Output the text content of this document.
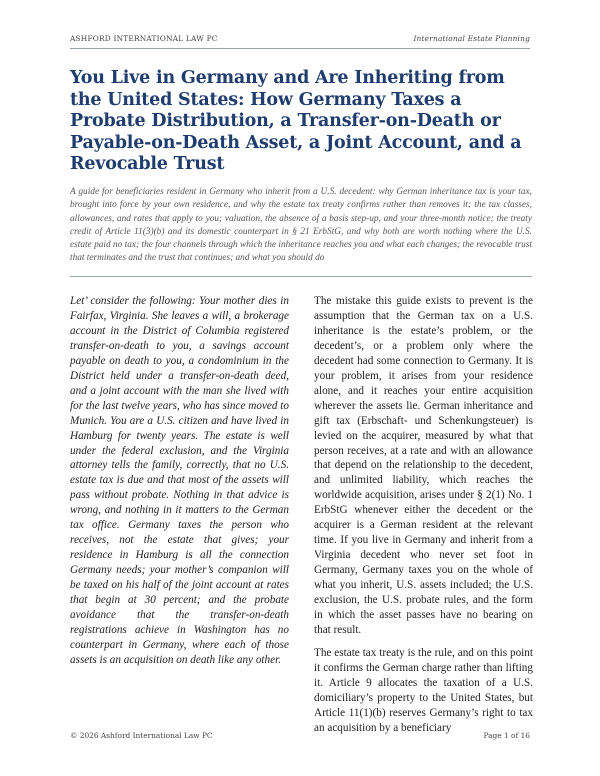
ASHFORD INTERNATIONAL LAW PC	International Estate Planning
You Live in Germany and Are Inheriting from the United States: How Germany Taxes a Probate Distribution, a Transfer-on-Death or Payable-on-Death Asset, a Joint Account, and a Revocable Trust

A guide for beneficiaries resident in Germany who inherit from a U.S. decedent: why German inheritance tax is your tax, brought into force by your own residence, and why the estate tax treaty confirms rather than removes it; the tax classes, allowances, and rates that apply to you; valuation, the absence of a basis step-up, and your three-month notice; the treaty credit of Article 11(3)(b) and its domestic counterpart in § 21 ErbStG, and why both are worth nothing where the U.S. estate paid no tax; the four channels through which the inheritance reaches you and what each changes; the revocable trust that terminates and the trust that continues; and what you should do

Let’ consider the following: Your mother dies in Fairfax, Virginia. She leaves a will, a brokerage account in the District of Columbia registered transfer-on-death to you, a savings account payable on death to you, a condominium in the District held under a transfer-on-death deed, and a joint account with the man she lived with for the last twelve years, who has since moved to Munich. You are a U.S. citizen and have lived in Hamburg for twenty years. The estate is well under the federal exclusion, and the Virginia attorney tells the family, correctly, that no U.S. estate tax is due and that most of the assets will pass without probate. Nothing in that advice is wrong, and nothing in it matters to the German tax office. Germany taxes the person who receives, not the estate that gives; your residence in Hamburg is all the connection Germany needs; your mother’s companion will be taxed on his half of the joint account at rates that begin at 30 percent; and the probate avoidance that the transfer-on-death registrations achieve in Washington has no counterpart in Germany, where each of those assets is an acquisition on death like any other.

The mistake this guide exists to prevent is the assumption that the German tax on a U.S. inheritance is the estate’s problem, or the decedent’s, or a problem only where the decedent had some connection to Germany. It is your problem, it arises from your residence alone, and it reaches your entire acquisition wherever the assets lie. German inheritance and gift tax (Erbschaft- und Schenkungsteuer) is levied on the acquirer, measured by what that person receives, at a rate and with an allowance that depend on the relationship to the decedent, and unlimited liability, which reaches the worldwide acquisition, arises under § 2(1) No. 1 ErbStG whenever either the decedent or the acquirer is a German resident at the relevant time. If you live in Germany and inherit from a Virginia decedent who never set foot in Germany, Germany taxes you on the whole of what you inherit, U.S. assets included; the U.S. exclusion, the U.S. probate rules, and the form in which the asset passes have no bearing on that result.

The estate tax treaty is the rule, and on this point it confirms the German charge rather than lifting it. Article 9 allocates the taxation of a U.S. domiciliary’s property to the United States, but Article 11(1)(b) reserves Germany’s right to tax an acquisition by a beneficiary

© 2026 Ashford International Law PC	Page 1 of 16
